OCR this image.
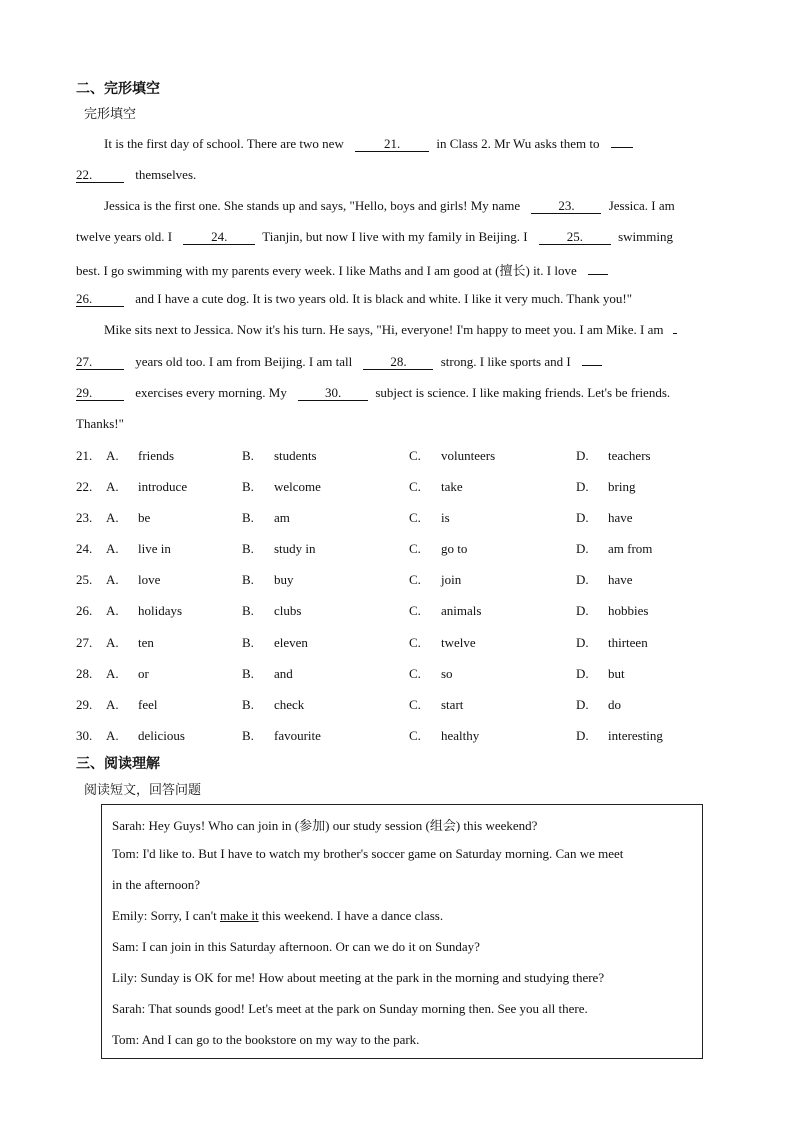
二、完形填空
完形填空
It is the first day of school. There are two new	21.	in Class 2. Mr Wu asks them to
22.	themselves.
Jessica is the first one. She stands up and says, "Hello, boys and girls! My name	23.	Jessica. I am
twelve years old. I	24.	Tianjin, but now I live with my family in Beijing. I	25.	swimming
best. I go swimming with my parents every week. I like Maths and I am good at (擅长) it. I love
26.	and I have a cute dog. It is two years old. It is black and white. I like it very much. Thank you!"
Mike sits next to Jessica. Now it's his turn. He says, "Hi, everyone! I'm happy to meet you. I am Mike. I am
27.	years old too. I am from Beijing. I am tall	28.	strong. I like sports and I
29.	exercises every morning. My	30.	subject is science. I like making friends. Let's be friends.
Thanks!"
21. A. friends	B. students	C. volunteers	D. teachers
22. A. introduce	B. welcome	C. take	D. bring
23. A. be	B. am	C. is	D. have
24. A. live in	B. study in	C. go to	D. am from
25. A. love	B. buy	C. join	D. have
26. A. holidays	B. clubs	C. animals	D. hobbies
27. A. ten	B. eleven	C. twelve	D. thirteen
28. A. or	B. and	C. so	D. but
29. A. feel	B. check	C. start	D. do
30. A. delicious	B. favourite	C. healthy	D. interesting
三、阅读理解
阅读短文，回答问题
Sarah: Hey Guys! Who can join in (参加) our study session (组会) this weekend?
Tom: I'd like to. But I have to watch my brother's soccer game on Saturday morning. Can we meet
in the afternoon?
Emily: Sorry, I can't make it this weekend. I have a dance class.
Sam: I can join in this Saturday afternoon. Or can we do it on Sunday?
Lily: Sunday is OK for me! How about meeting at the park in the morning and studying there?
Sarah: That sounds good! Let's meet at the park on Sunday morning then. See you all there.
Tom: And I can go to the bookstore on my way to the park.
